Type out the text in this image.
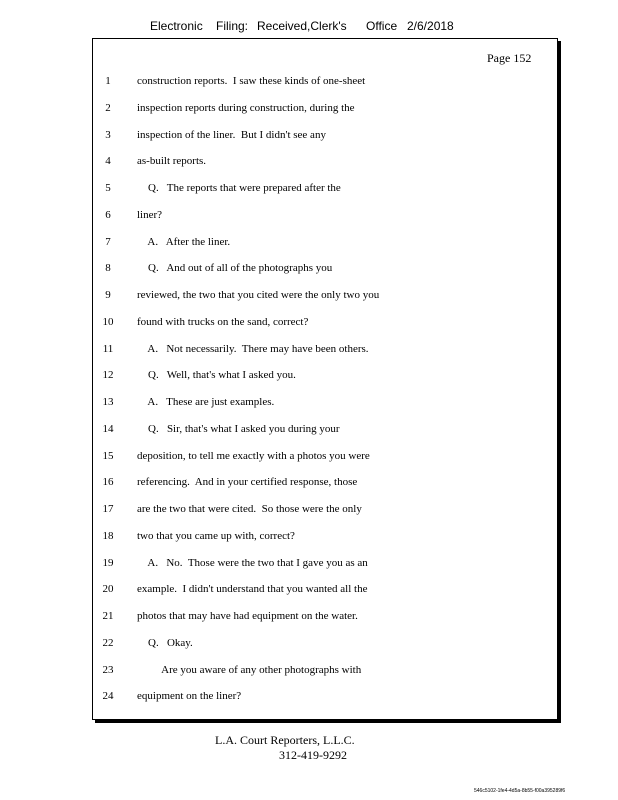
Electronic Filing: Received,Clerk's Office 2/6/2018
Page 152
1	construction reports.  I saw these kinds of one-sheet
2	inspection reports during construction, during the
3	inspection of the liner.  But I didn't see any
4	as-built reports.
5	Q.   The reports that were prepared after the
6	liner?
7	A.   After the liner.
8	Q.   And out of all of the photographs you
9	reviewed, the two that you cited were the only two you
10	found with trucks on the sand, correct?
11	A.   Not necessarily.  There may have been others.
12	Q.   Well, that's what I asked you.
13	A.   These are just examples.
14	Q.   Sir, that's what I asked you during your
15	deposition, to tell me exactly with a photos you were
16	referencing.  And in your certified response, those
17	are the two that were cited.  So those were the only
18	two that you came up with, correct?
19	A.   No.  Those were the two that I gave you as an
20	example.  I didn't understand that you wanted all the
21	photos that may have had equipment on the water.
22	Q.   Okay.
23	Are you aware of any other photographs with
24	equipment on the liner?
L.A. Court Reporters, L.L.C.
312-419-9292
546c5102-1fe4-4d5a-8b55-f00a395289f6
